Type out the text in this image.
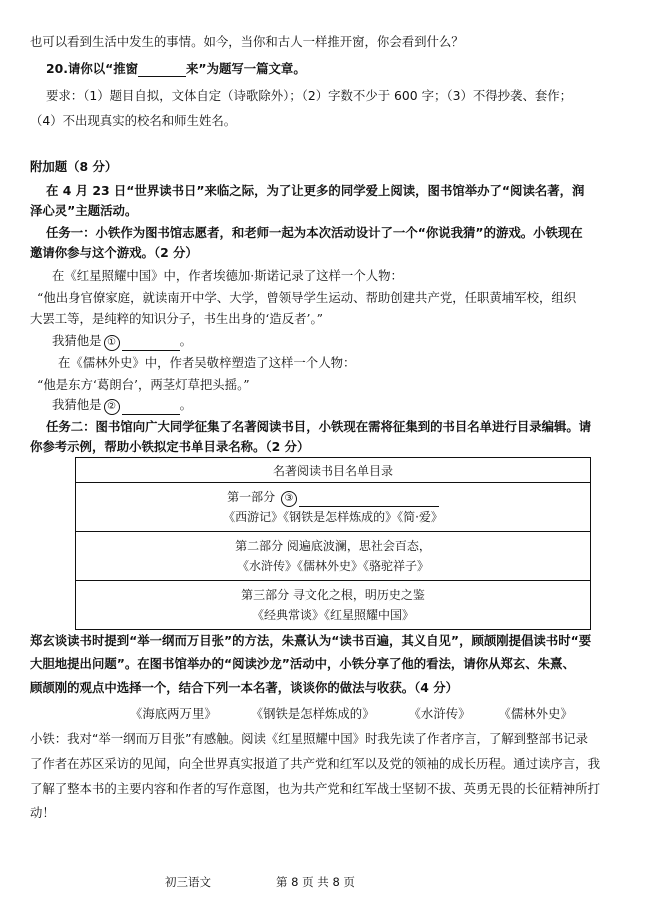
也可以看到生活中发生的事情。如今，当你和古人一样推开窗，你会看到什么？
20.请你以“推窗	来”为题写一篇文章。
要求：（1）题目自拟，文体自定（诗歌除外）；（2）字数不少于 600 字；（3）不得抄袭、套作；
（4）不出现真实的校名和师生姓名。
附加题（8 分）
在 4 月 23 日“世界读书日”来临之际，为了让更多的同学爱上阅读，图书馆举办了“阅读名著，润
泽心灵”主题活动。
任务一：小铁作为图书馆志愿者，和老师一起为本次活动设计了一个“你说我猜”的游戏。小铁现在
邀请你参与这个游戏。（2 分）
在《红星照耀中国》中，作者埃德加·斯诺记录了这样一个人物：
“他出身官僚家庭，就读南开中学、大学，曾领导学生运动、帮助创建共产党，任职黄埔军校，组织
大罢工等，是纯粹的知识分子，书生出身的‘造反者’。”
我猜他是 ①	。
在《儒林外史》中，作者吴敬梓塑造了这样一个人物：
“他是东方‘葛朗台’，两茎灯草把头摇。”
我猜他是 ②	。
任务二：图书馆向广大同学征集了名著阅读书目，小铁现在需将征集到的书目名单进行目录编辑。请
你参考示例，帮助小铁拟定书单目录名称。（2 分）
名著阅读书目名单目录

第一部分 ③
《西游记》《钢铁是怎样炼成的》《简·爱》

第二部分 阅遍底波澜，思社会百态，
《水浒传》《儒林外史》《骆驼祥子》

第三部分 寻文化之根，明历史之鉴
《经典常谈》《红星照耀中国》
郑玄谈读书时提到“举一纲而万目张”的方法，朱熹认为“读书百遍，其义自见”，顾颉刚提倡读书时“要
大胆地提出问题”。在图书馆举办的“阅读沙龙”活动中，小铁分享了他的看法，请你从郑玄、朱熹、
顾颉刚的观点中选择一个，结合下列一本名著，谈谈你的做法与收获。（4 分）
《海底两万里》	《钢铁是怎样炼成的》	《水浒传》 《儒林外史》
小铁：我对“举一纲而万目张”有感触。阅读《红星照耀中国》时我先读了作者序言，了解到整部书记录
了作者在苏区采访的见闻，向全世界真实报道了共产党和红军以及党的领袖的成长历程。通过读序言，我
了解了整本书的主要内容和作者的写作意图，也为共产党和红军战士坚韧不拔、英勇无畏的长征精神所打
动！
初三语文	第 8 页 共 8 页
